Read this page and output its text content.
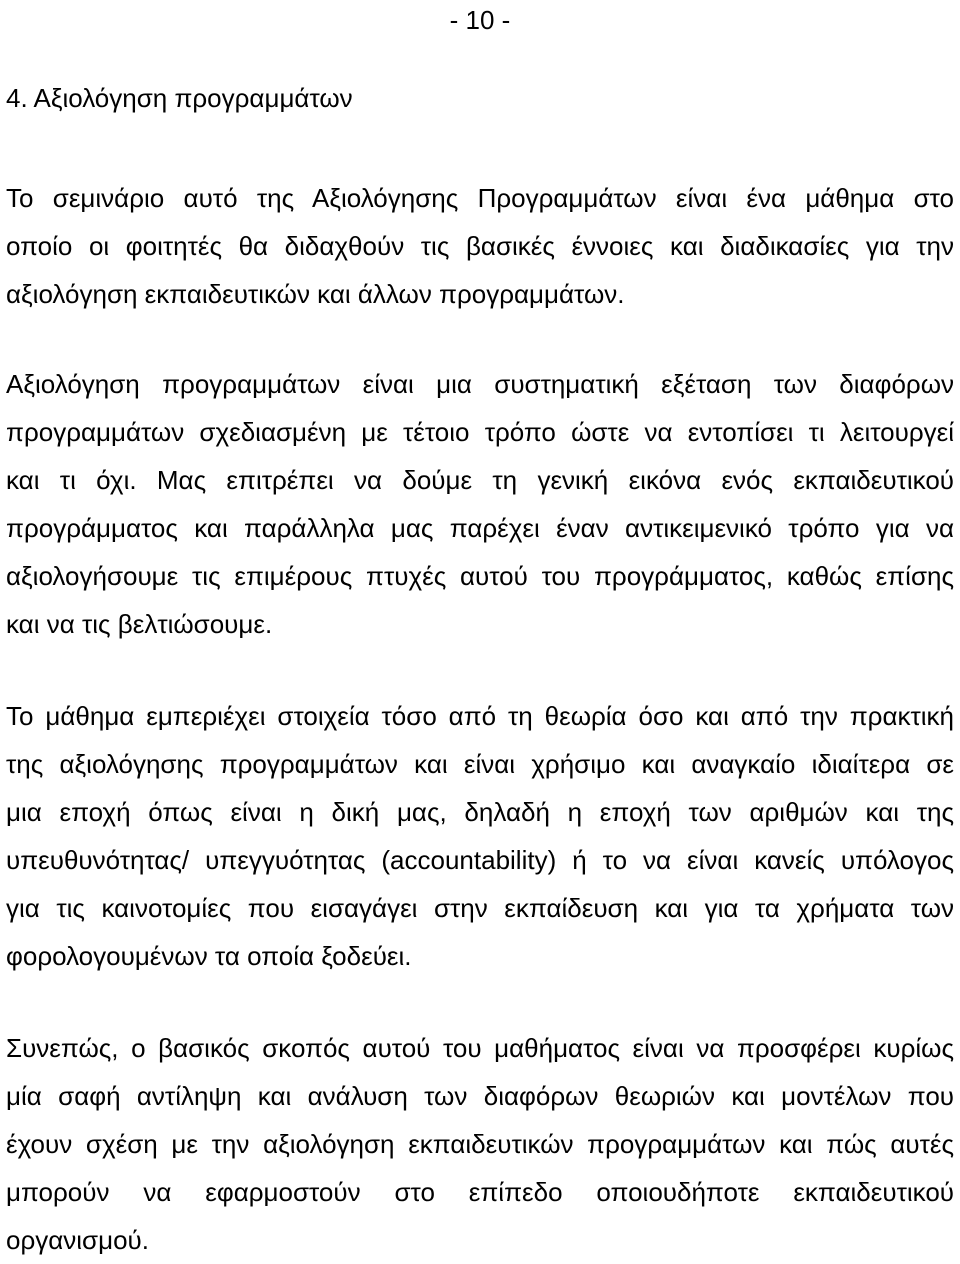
- 10 -
4. Αξιολόγηση προγραμμάτων
Το σεμινάριο αυτό της Αξιολόγησης Προγραμμάτων είναι ένα μάθημα στο
οποίο οι φοιτητές θα διδαχθούν τις βασικές έννοιες και διαδικασίες για την
αξιολόγηση εκπαιδευτικών και άλλων προγραμμάτων.
Αξιολόγηση προγραμμάτων είναι μια συστηματική εξέταση των διαφόρων
προγραμμάτων σχεδιασμένη με τέτοιο τρόπο ώστε να εντοπίσει τι λειτουργεί
και τι όχι. Μας επιτρέπει να δούμε τη γενική εικόνα ενός εκπαιδευτικού
προγράμματος και παράλληλα μας παρέχει έναν αντικειμενικό τρόπο για να
αξιολογήσουμε τις επιμέρους πτυχές αυτού του προγράμματος, καθώς επίσης
και να τις βελτιώσουμε.
Το μάθημα εμπεριέχει στοιχεία τόσο από τη θεωρία όσο και από την πρακτική
της αξιολόγησης προγραμμάτων και είναι χρήσιμο και αναγκαίο ιδιαίτερα σε
μια εποχή όπως είναι η δική μας, δηλαδή η εποχή των αριθμών και της
υπευθυνότητας/ υπεγγυότητας (accountability) ή το να είναι κανείς υπόλογος
για τις καινοτομίες που εισαγάγει στην εκπαίδευση και για τα χρήματα των
φορολογουμένων τα οποία ξοδεύει.
Συνεπώς, ο βασικός σκοπός αυτού του μαθήματος είναι να προσφέρει κυρίως
μία σαφή αντίληψη και ανάλυση των διαφόρων θεωριών και μοντέλων που
έχουν σχέση με την αξιολόγηση εκπαιδευτικών προγραμμάτων και πώς αυτές
μπορούν να εφαρμοστούν στο επίπεδο οποιουδήποτε εκπαιδευτικού
οργανισμού.
